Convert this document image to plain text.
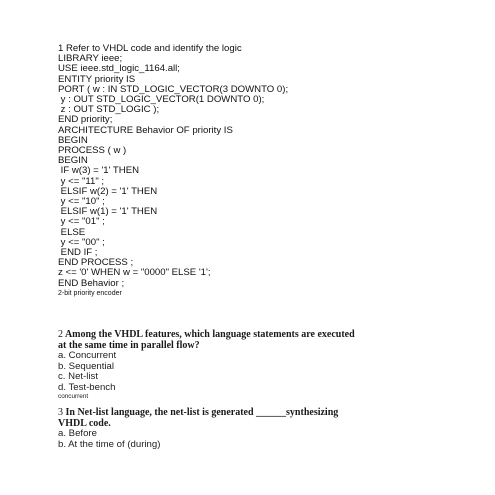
1 Refer to VHDL code and identify the logic
LIBRARY ieee;
USE ieee.std_logic_1164.all;
ENTITY priority IS
PORT ( w : IN STD_LOGIC_VECTOR(3 DOWNTO 0);
y : OUT STD_LOGIC_VECTOR(1 DOWNTO 0);
z : OUT STD_LOGIC );
END priority;
ARCHITECTURE Behavior OF priority IS
BEGIN
PROCESS ( w )
BEGIN
IF w(3) = '1' THEN
y <= "11" ;
ELSIF w(2) = '1' THEN
y <= "10" ;
ELSIF w(1) = '1' THEN
y <= "01" ;
ELSE
y <= "00" ;
END IF ;
END PROCESS ;
z <= '0' WHEN w = "0000" ELSE '1';
END Behavior ;
2-bit priority encoder
2 Among the VHDL features, which language statements are executed
at the same time in parallel flow?
a. Concurrent
b. Sequential
c. Net-list
d. Test-bench
concurrent
3 In Net-list language, the net-list is generated ______synthesizing
VHDL code.
a. Before
b. At the time of (during)
